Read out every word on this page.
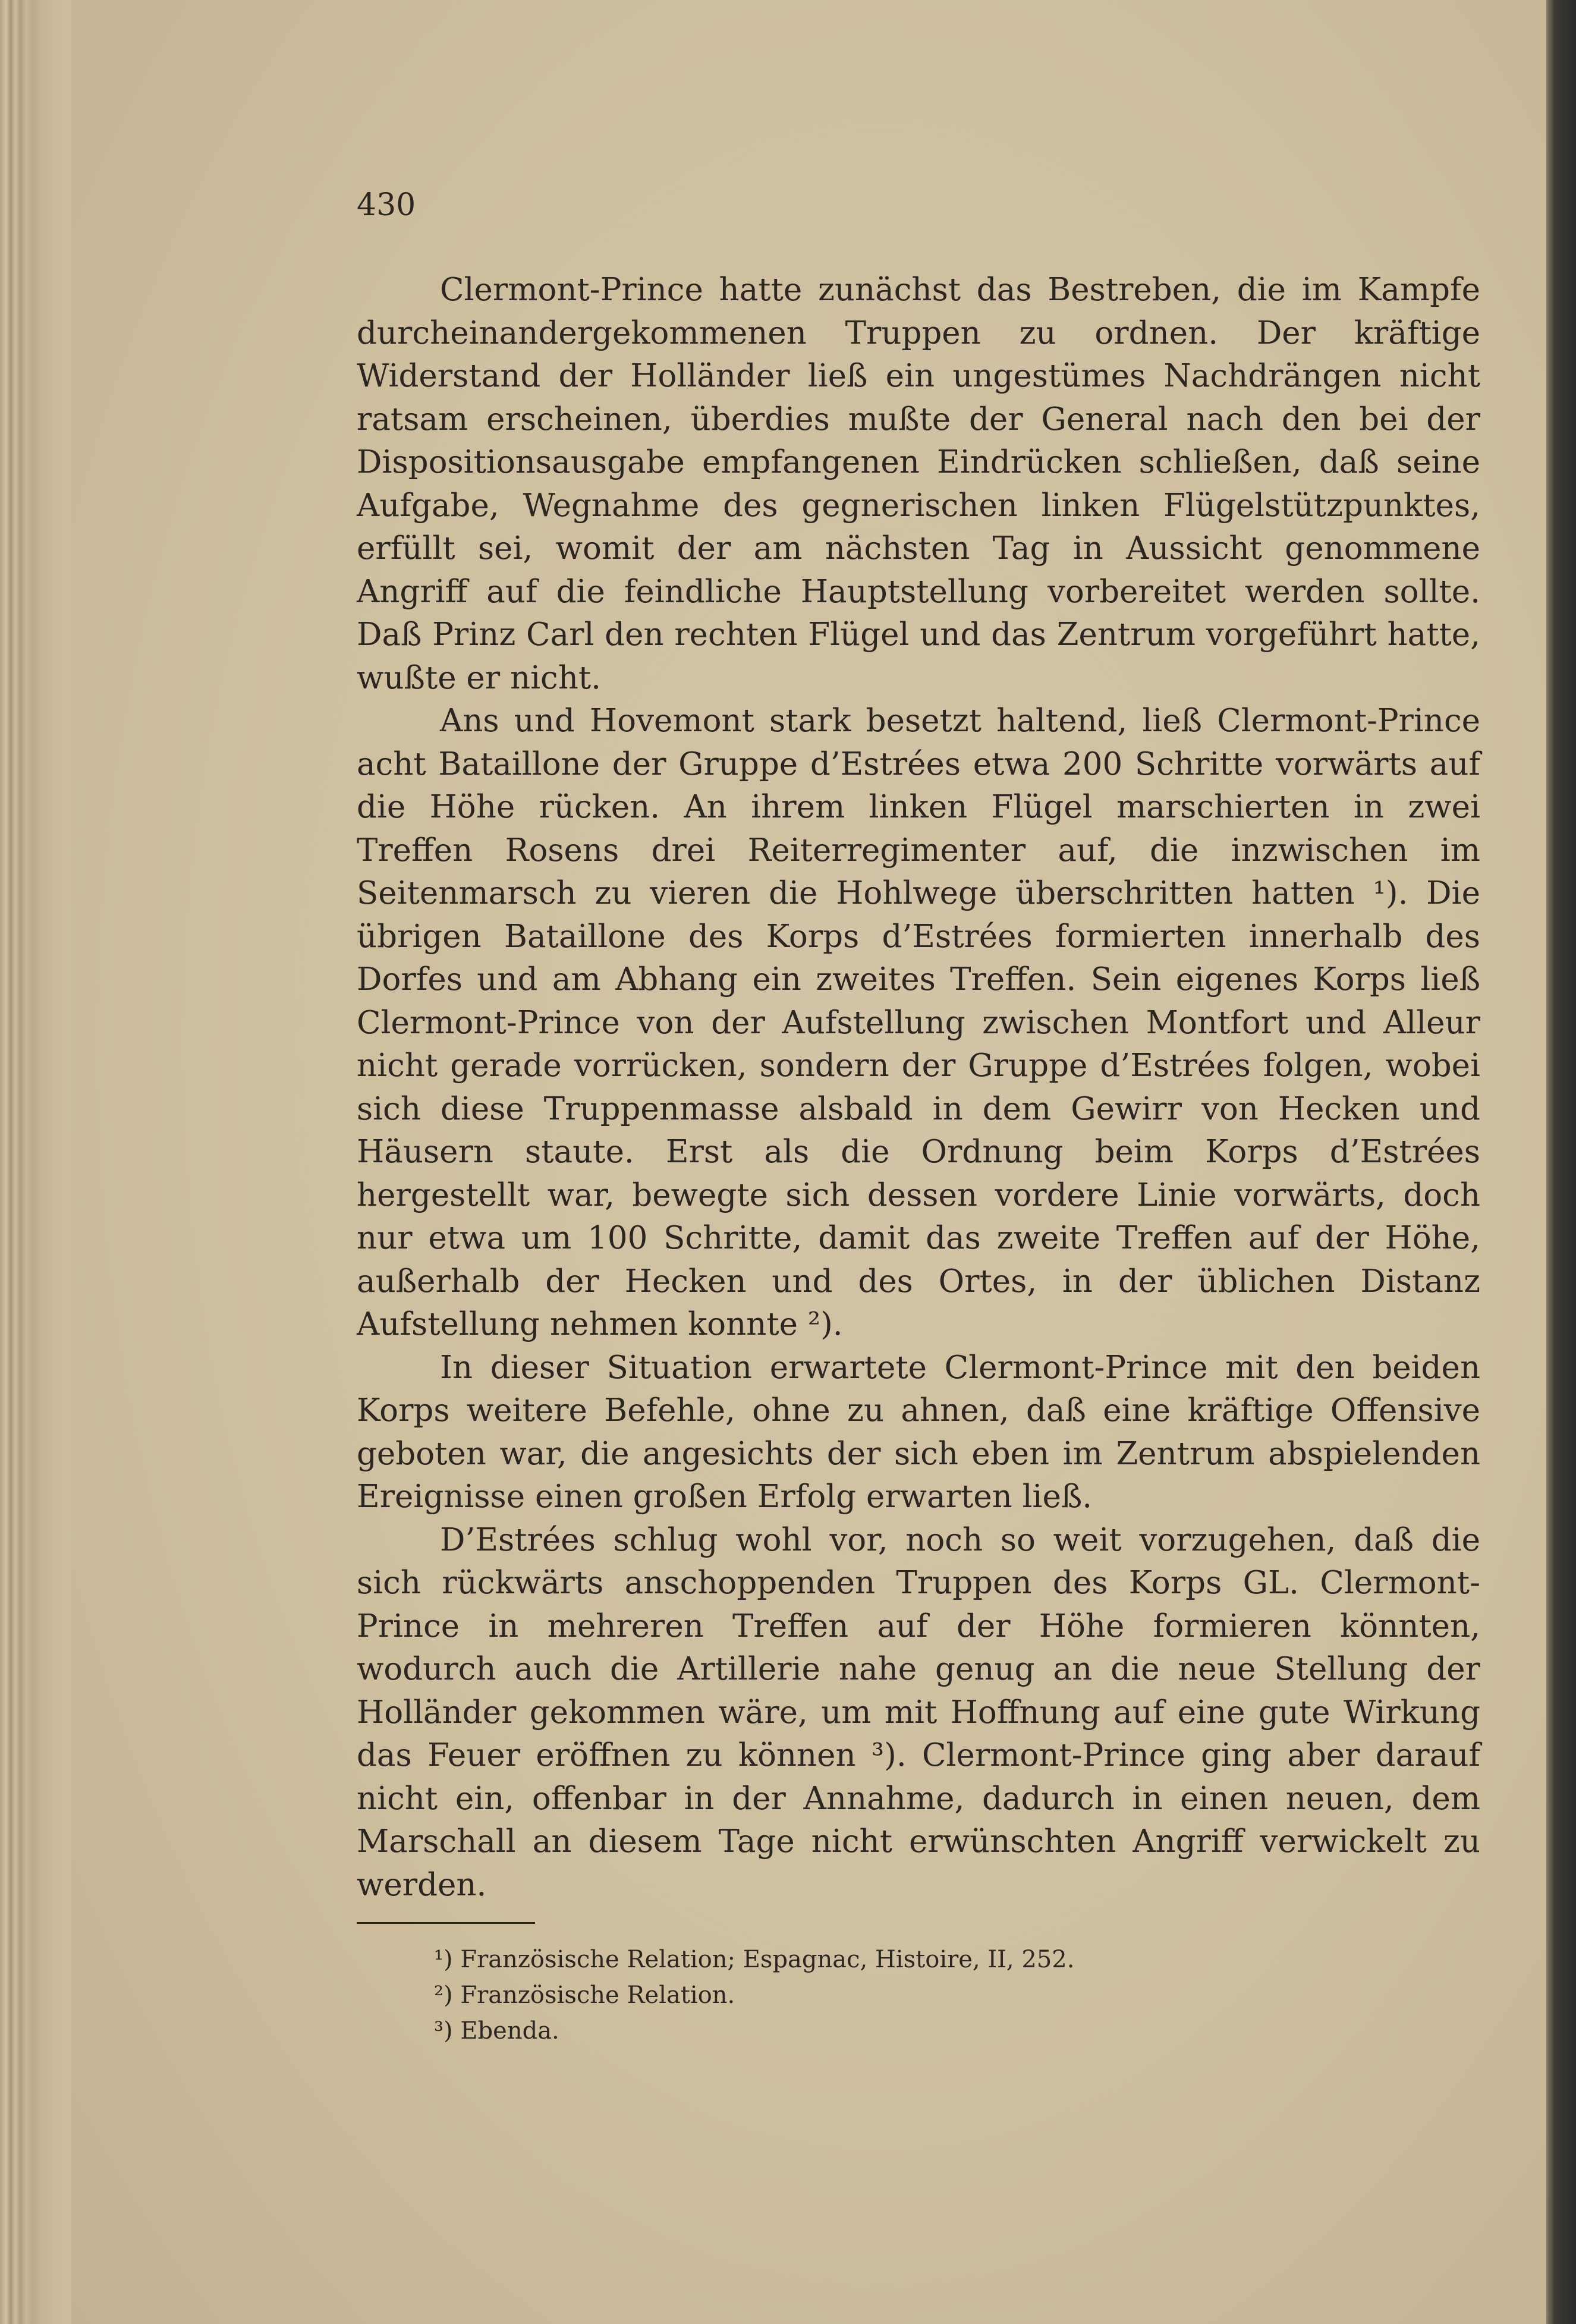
430

Clermont-Prince hatte zunächst das Bestreben, die im Kampfe durcheinandergekommenen Truppen zu ordnen. Der kräftige Widerstand der Holländer ließ ein ungestümes Nachdrängen nicht ratsam erscheinen, überdies mußte der General nach den bei der Dispositionsausgabe empfangenen Eindrücken schließen, daß seine Aufgabe, Wegnahme des gegnerischen linken Flügelstützpunktes, erfüllt sei, womit der am nächsten Tag in Aussicht genommene Angriff auf die feindliche Hauptstellung vorbereitet werden sollte. Daß Prinz Carl den rechten Flügel und das Zentrum vorgeführt hatte, wußte er nicht.

Ans und Hovemont stark besetzt haltend, ließ Clermont-Prince acht Bataillone der Gruppe d’Estrées etwa 200 Schritte vorwärts auf die Höhe rücken. An ihrem linken Flügel marschierten in zwei Treffen Rosens drei Reiterregimenter auf, die inzwischen im Seitenmarsch zu vieren die Hohlwege überschritten hatten ¹). Die übrigen Bataillone des Korps d’Estrées formierten innerhalb des Dorfes und am Abhang ein zweites Treffen. Sein eigenes Korps ließ Clermont-Prince von der Aufstellung zwischen Montfort und Alleur nicht gerade vorrücken, sondern der Gruppe d’Estrées folgen, wobei sich diese Truppenmasse alsbald in dem Gewirr von Hecken und Häusern staute. Erst als die Ordnung beim Korps d’Estrées hergestellt war, bewegte sich dessen vordere Linie vorwärts, doch nur etwa um 100 Schritte, damit das zweite Treffen auf der Höhe, außerhalb der Hecken und des Ortes, in der üblichen Distanz Aufstellung nehmen konnte ²).

In dieser Situation erwartete Clermont-Prince mit den beiden Korps weitere Befehle, ohne zu ahnen, daß eine kräftige Offensive geboten war, die angesichts der sich eben im Zentrum abspielenden Ereignisse einen großen Erfolg erwarten ließ.

D’Estrées schlug wohl vor, noch so weit vorzugehen, daß die sich rückwärts anschoppenden Truppen des Korps GL. Clermont-Prince in mehreren Treffen auf der Höhe formieren könnten, wodurch auch die Artillerie nahe genug an die neue Stellung der Holländer gekommen wäre, um mit Hoffnung auf eine gute Wirkung das Feuer eröffnen zu können ³). Clermont-Prince ging aber darauf nicht ein, offenbar in der Annahme, dadurch in einen neuen, dem Marschall an diesem Tage nicht erwünschten Angriff verwickelt zu werden.

¹) Französische Relation; Espagnac, Histoire, II, 252.

²) Französische Relation.

³) Ebenda.
